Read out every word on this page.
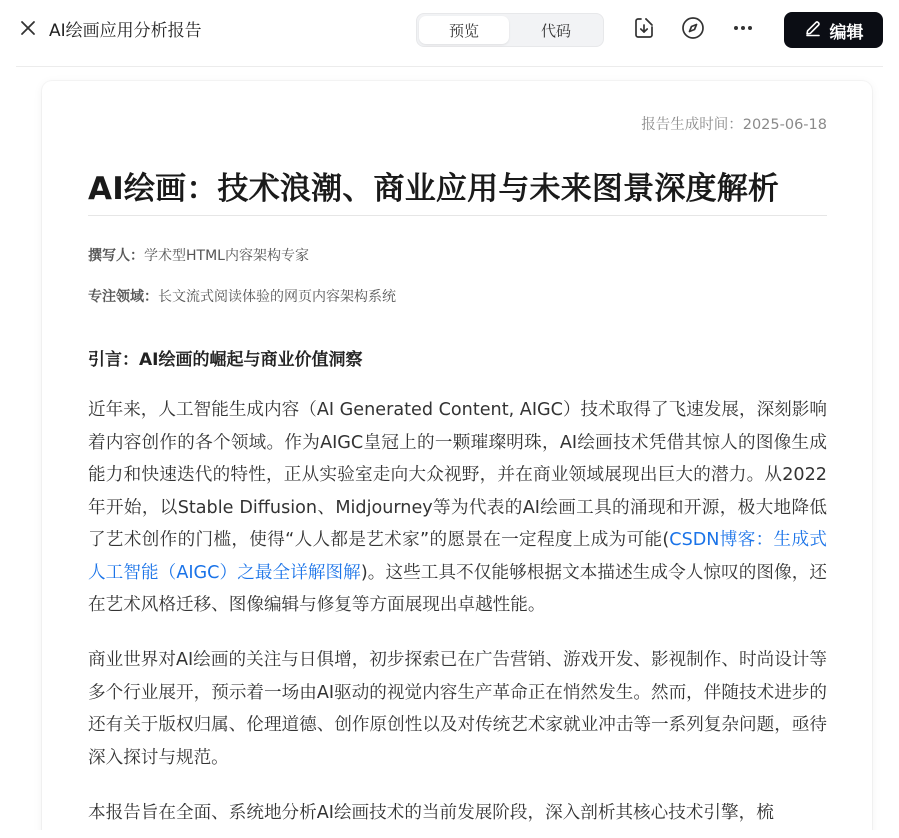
AI绘画应用分析报告	预览	代码	编辑
报告生成时间：2025-06-18
AI绘画：技术浪潮、商业应用与未来图景深度解析
撰写人：学术型HTML内容架构专家
专注领域：长文流式阅读体验的网页内容架构系统
引言：AI绘画的崛起与商业价值洞察

近年来，人工智能生成内容（AI Generated Content, AIGC）技术取得了飞速发展，深刻影响着内容创作的各个领域。作为AIGC皇冠上的一颗璀璨明珠，AI绘画技术凭借其惊人的图像生成能力和快速迭代的特性，正从实验室走向大众视野，并在商业领域展现出巨大的潜力。从2022年开始，以Stable Diffusion、Midjourney等为代表的AI绘画工具的涌现和开源，极大地降低了艺术创作的门槛，使得“人人都是艺术家”的愿景在一定程度上成为可能(CSDN博客：生成式人工智能（AIGC）之最全详解图解)。这些工具不仅能够根据文本描述生成令人惊叹的图像，还在艺术风格迁移、图像编辑与修复等方面展现出卓越性能。

商业世界对AI绘画的关注与日俱增，初步探索已在广告营销、游戏开发、影视制作、时尚设计等多个行业展开，预示着一场由AI驱动的视觉内容生产革命正在悄然发生。然而，伴随技术进步的还有关于版权归属、伦理道德、创作原创性以及对传统艺术家就业冲击等一系列复杂问题，亟待深入探讨与规范。

本报告旨在全面、系统地分析AI绘画技术的当前发展阶段，深入剖析其核心技术引擎，梳
